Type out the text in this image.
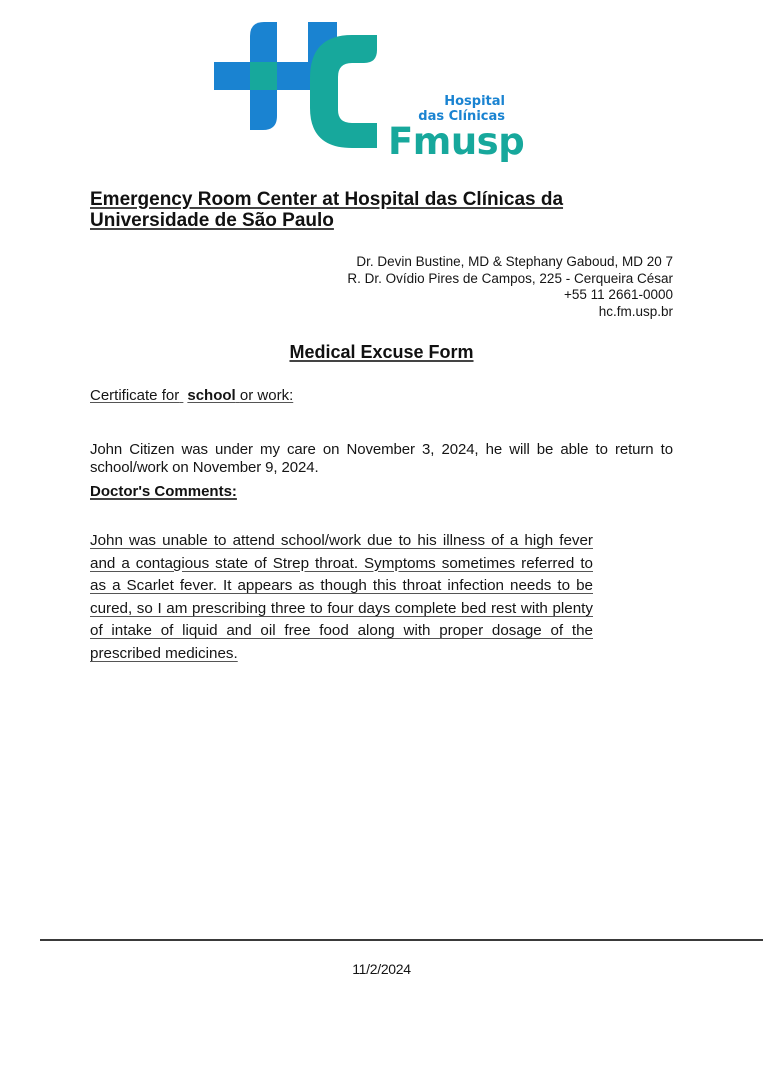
Hospital
das Clínicas
Fmusp
Emergency Room Center at Hospital das Clínicas da Universidade de São Paulo
Dr. Devin Bustine, MD & Stephany Gaboud, MD 20 7
R. Dr. Ovídio Pires de Campos, 225 - Cerqueira César
+55 11 2661-0000
hc.fm.usp.br
Medical Excuse Form
Certificate for school or work:
John Citizen was under my care on November 3, 2024, he will be able to return to school/work on November 9, 2024.
Doctor's Comments:
John was unable to attend school/work due to his illness of a high fever and a contagious state of Strep throat. Symptoms sometimes referred to as a Scarlet fever. It appears as though this throat infection needs to be cured, so I am prescribing three to four days complete bed rest with plenty of intake of liquid and oil free food along with proper dosage of the prescribed medicines.
11/2/2024
